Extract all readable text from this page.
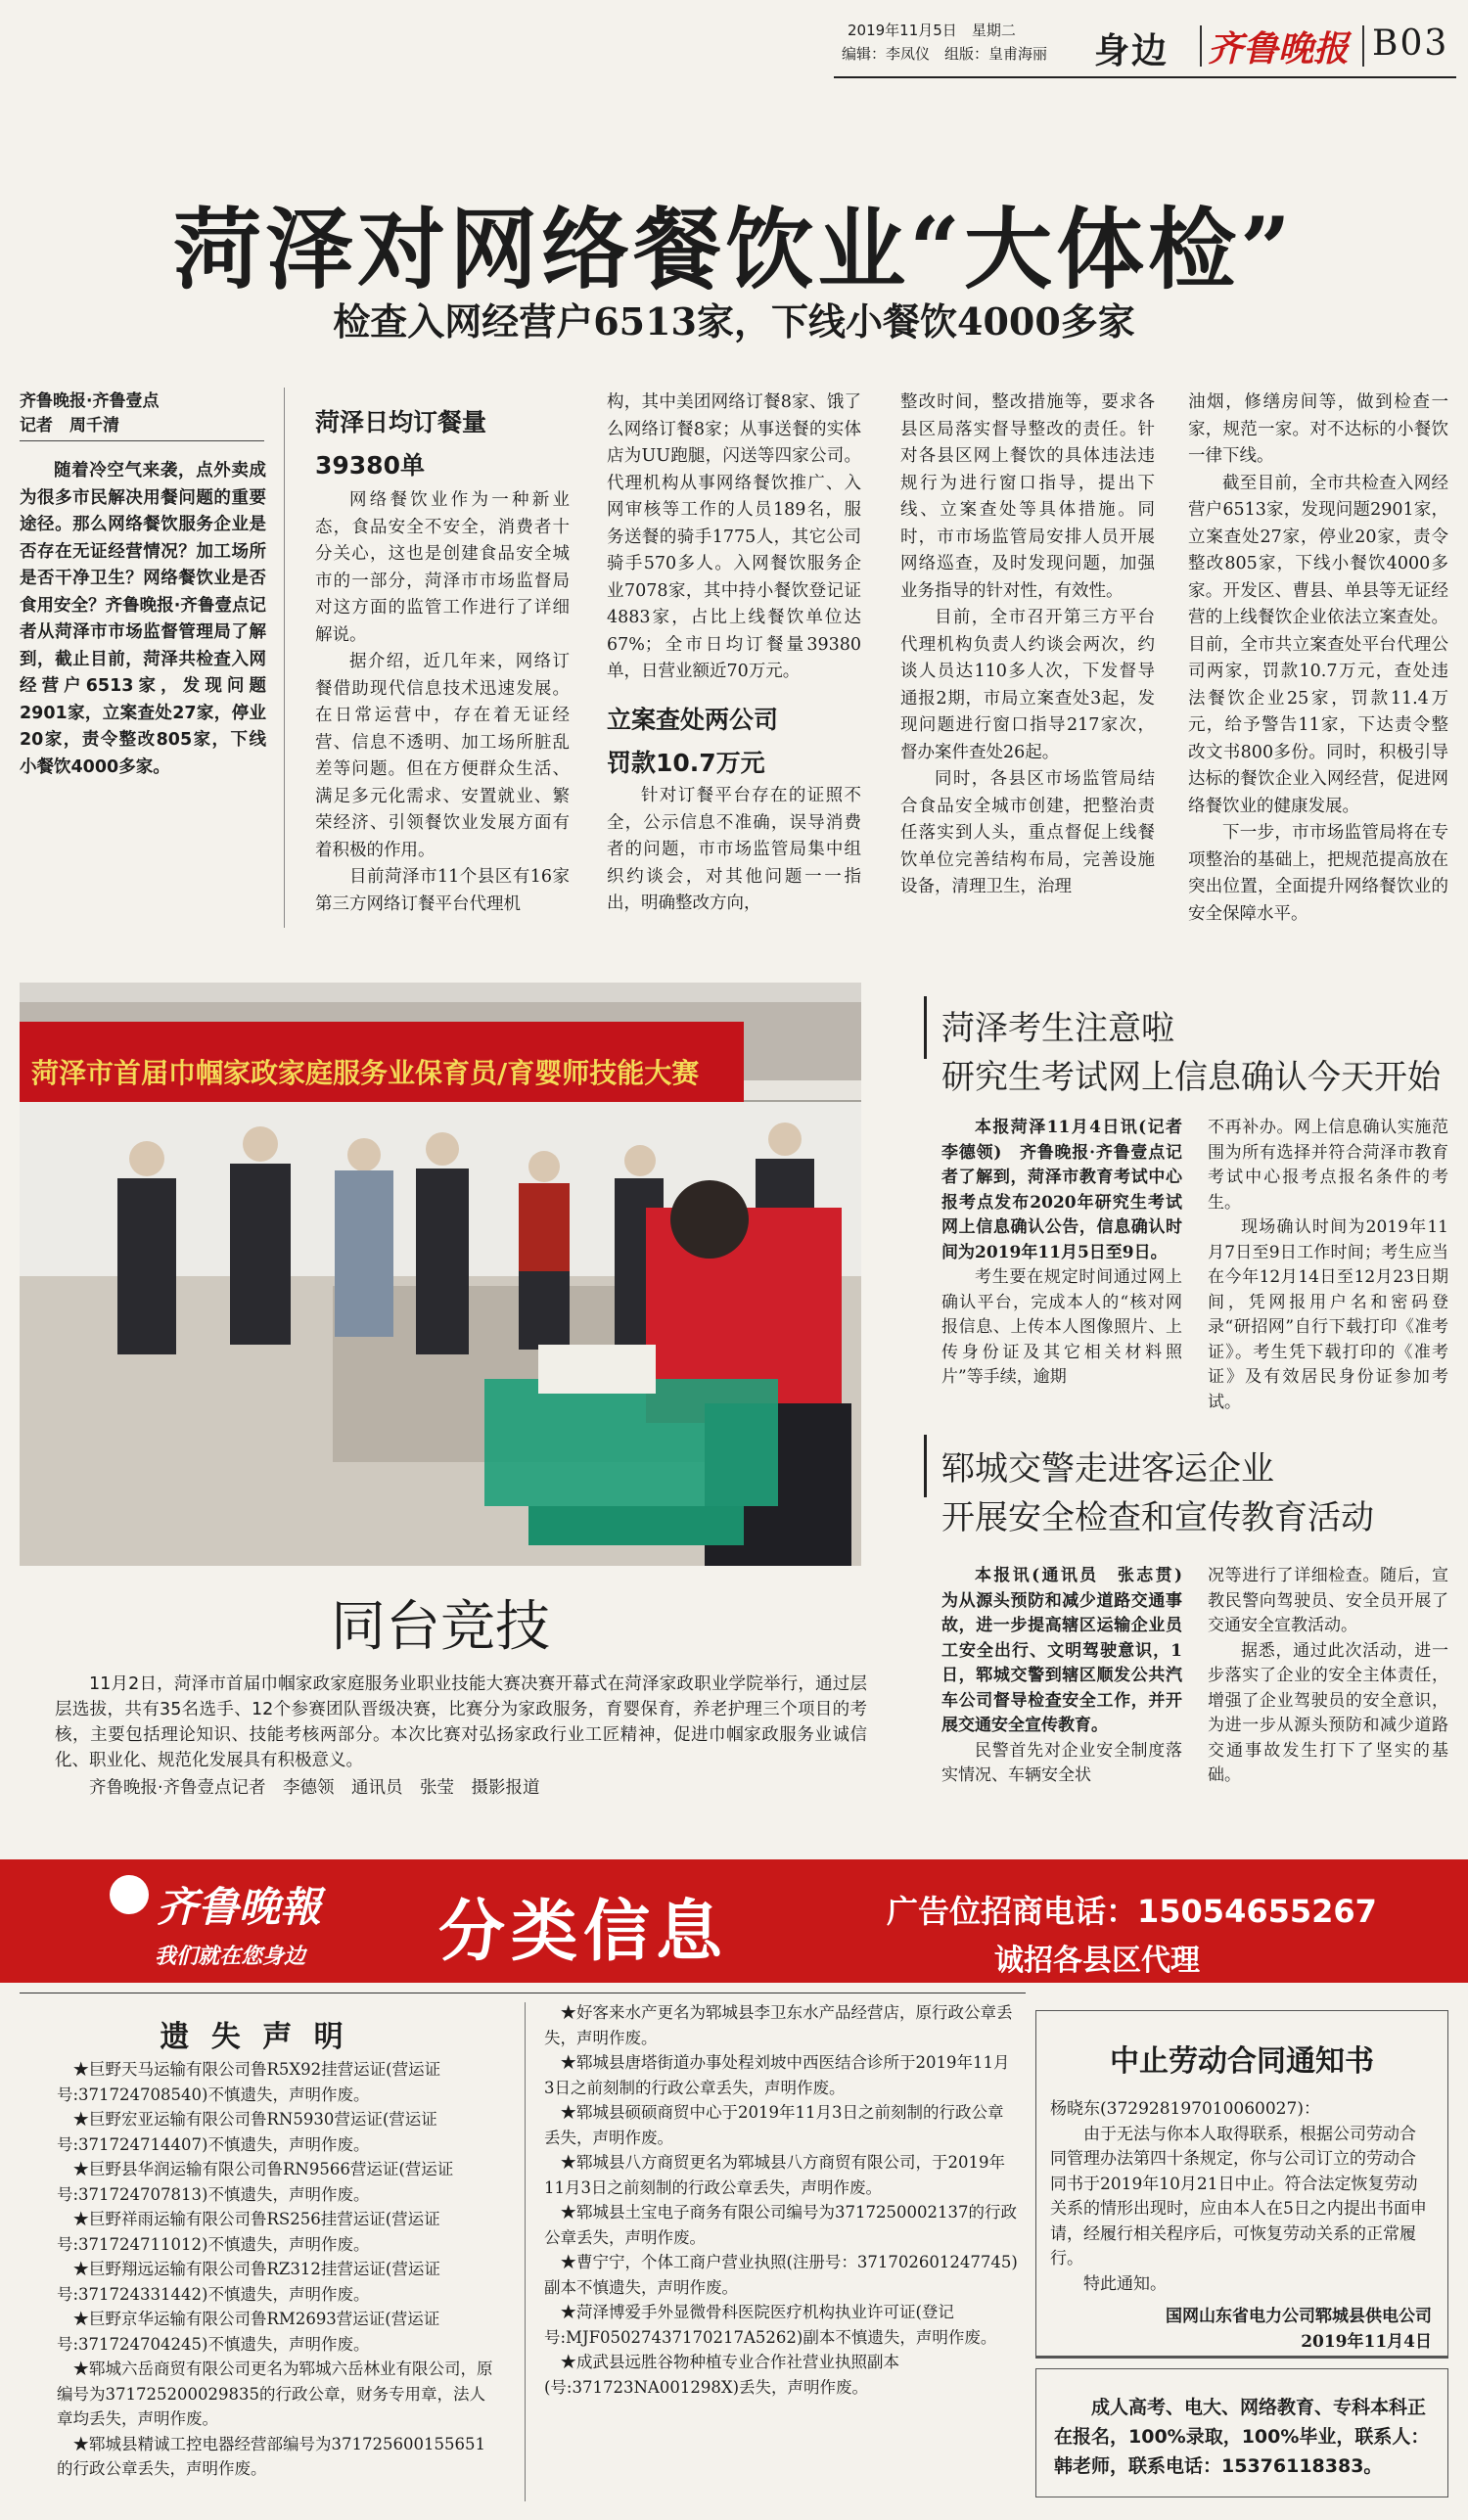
2019年11月5日　 星期二
编辑：李凤仪　 组版：皇甫海丽 身边 齐鲁晚报 B03
菏泽对网络餐饮业“大体检”
检查入网经营户6513家，下线小餐饮4000多家
齐鲁晚报·齐鲁壹点
记者　周千清

随着冷空气来袭，点外卖成为很多市民解决用餐问题的重要途径。那么网络餐饮服务企业是否存在无证经营情况？加工场所是否干净卫生？网络餐饮业是否食用安全？齐鲁晚报·齐鲁壹点记者从菏泽市市场监督管理局了解到，截止目前，菏泽共检查入网经营户6513家，发现问题2901家，立案查处27家，停业20家，责令整改805家，下线小餐饮4000多家。

菏泽日均订餐量
39380单

网络餐饮业作为一种新业态，食品安全不安全，消费者十分关心，这也是创建食品安全城市的一部分，菏泽市市场监督局对这方面的监管工作进行了详细解说。

据介绍，近几年来，网络订餐借助现代信息技术迅速发展。在日常运营中，存在着无证经营、信息不透明、加工场所脏乱差等问题。但在方便群众生活、满足多元化需求、安置就业、繁荣经济、引领餐饮业发展方面有着积极的作用。

目前菏泽市11个县区有16家第三方网络订餐平台代理机

构，其中美团网络订餐8家、饿了么网络订餐8家；从事送餐的实体店为UU跑腿，闪送等四家公司。代理机构从事网络餐饮推广、入网审核等工作的人员189名，服务送餐的骑手1775人，其它公司骑手570多人。入网餐饮服务企业7078家，其中持小餐饮登记证4883家，占比上线餐饮单位达67%；全市日均订餐量39380单，日营业额近70万元。

立案查处两公司
罚款10.7万元

针对订餐平台存在的证照不全，公示信息不准确，误导消费者的问题，市市场监管局集中组织约谈会，对其他问题一一指出，明确整改方向，

整改时间，整改措施等，要求各县区局落实督导整改的责任。针对各县区网上餐饮的具体违法违规行为进行窗口指导，提出下线、立案查处等具体措施。同时，市市场监管局安排人员开展网络巡查，及时发现问题，加强业务指导的针对性，有效性。

目前，全市召开第三方平台代理机构负责人约谈会两次，约谈人员达110多人次，下发督导通报2期，市局立案查处3起，发现问题进行窗口指导217家次，督办案件查处26起。

同时，各县区市场监管局结合食品安全城市创建，把整治责任落实到人头，重点督促上线餐饮单位完善结构布局，完善设施设备，清理卫生，治理

油烟，修缮房间等，做到检查一家，规范一家。对不达标的小餐饮一律下线。

截至目前，全市共检查入网经营户6513家，发现问题2901家，立案查处27家，停业20家，责令整改805家，下线小餐饮4000多家。开发区、曹县、单县等无证经营的上线餐饮企业依法立案查处。目前，全市共立案查处平台代理公司两家，罚款10.7万元，查处违法餐饮企业25家，罚款11.4万元，给予警告11家，下达责令整改文书800多份。同时，积极引导达标的餐饮企业入网经营，促进网络餐饮业的健康发展。

下一步，市市场监管局将在专项整治的基础上，把规范提高放在突出位置，全面提升网络餐饮业的安全保障水平。

菏泽市首届巾帼家政家庭服务业保育员/育婴师技能大赛
同台竞技

11月2日，菏泽市首届巾帼家政家庭服务业职业技能大赛决赛开幕式在菏泽家政职业学院举行，通过层层选拔，共有35名选手、12个参赛团队晋级决赛，比赛分为家政服务，育婴保育，养老护理三个项目的考核，主要包括理论知识、技能考核两部分。本次比赛对弘扬家政行业工匠精神，促进巾帼家政服务业诚信化、职业化、规范化发展具有积极意义。

齐鲁晚报·齐鲁壹点记者　李德领　通讯员　张莹　摄影报道

菏泽考生注意啦
研究生考试网上信息确认今天开始

本报菏泽11月4日讯(记者　李德领)　齐鲁晚报·齐鲁壹点记者了解到，菏泽市教育考试中心报考点发布2020年研究生考试网上信息确认公告，信息确认时间为2019年11月5日至9日。

考生要在规定时间通过网上确认平台，完成本人的“核对网报信息、上传本人图像照片、上传身份证及其它相关材料照片”等手续，逾期

不再补办。网上信息确认实施范围为所有选择并符合菏泽市教育考试中心报考点报名条件的考生。

现场确认时间为2019年11月7日至9日工作时间；考生应当在今年12月14日至12月23日期间，凭网报用户名和密码登录“研招网”自行下载打印《准考证》。考生凭下载打印的《准考证》及有效居民身份证参加考试。

郓城交警走进客运企业
开展安全检查和宣传教育活动

本报讯(通讯员　张志贯)　为从源头预防和减少道路交通事故，进一步提高辖区运输企业员工安全出行、文明驾驶意识，1日，郓城交警到辖区顺发公共汽车公司督导检查安全工作，并开展交通安全宣传教育。

民警首先对企业安全制度落实情况、车辆安全状

况等进行了详细检查。随后，宣教民警向驾驶员、安全员开展了交通安全宣教活动。

据悉，通过此次活动，进一步落实了企业的安全主体责任，增强了企业驾驶员的安全意识，为进一步从源头预防和减少道路交通事故发生打下了坚实的基础。

齐鲁晚報
我们就在您身边 分类信息	广告位招商电话：15054655267
诚招各县区代理
遗 失 声 明

★巨野天马运输有限公司鲁R5X92挂营运证(营运证号:371724708540)不慎遗失，声明作废。

★巨野宏亚运输有限公司鲁RN5930营运证(营运证号:371724714407)不慎遗失，声明作废。

★巨野县华润运输有限公司鲁RN9566营运证(营运证号:371724707813)不慎遗失，声明作废。

★巨野祥雨运输有限公司鲁RS256挂营运证(营运证号:371724711012)不慎遗失，声明作废。

★巨野翔远运输有限公司鲁RZ312挂营运证(营运证号:371724331442)不慎遗失，声明作废。

★巨野京华运输有限公司鲁RM2693营运证(营运证号:371724704245)不慎遗失，声明作废。

★郓城六岳商贸有限公司更名为郓城六岳林业有限公司，原编号为3717252000298​35的行政公章，财务专用章，法人章均丢失，声明作废。

★郓城县精诚工控电器经营部编号为371725600155651的行政公章丢失，声明作废。

★好客来水产更名为郓城县李卫东水产品经营店，原行政公章丢失，声明作废。

★郓城县唐塔街道办事处程刘坡中西医结合诊所于2019年11月3日之前刻制的行政公章丢失，声明作废。

★郓城县硕硕商贸中心于2019年11月3日之前刻制的行政公章丢失，声明作废。

★郓城县八方商贸更名为郓城县八方商贸有限公司，于2019年11月3日之前刻制的行政公章丢失，声明作废。

★郓城县土宝电子商务有限公司编号为371725000213​7的行政公章丢失，声明作废。

★曹宁宁，个体工商户营业执照(注册号：371702601247745)副本不慎遗失，声明作废。

★菏泽博爱手外显微骨科医院医疗机构执业许可证(登记号:MJF05027437170217A5262)副本不慎遗失，声明作废。

★成武县远胜谷物种植专业合作社营业执照副本(号:371723NA001298X)丢失，声明作废。

中止劳动合同通知书
杨晓东(372928197010060027)：

由于无法与你本人取得联系，根据公司劳动合同管理办法第四十条规定，你与公司订立的劳动合同书于2019年10月21日中止。符合法定恢复劳动关系的情形出现时，应由本人在5日之内提出书面申请，经履行相关程序后，可恢复劳动关系的正常履行。

特此通知。

国网山东省电力公司郓城县供电公司
2019年11月4日

成人高考、电大、网络教育、专科本科正在报名，100%录取，100%毕业，联系人：韩老师，联系电话：15376118383。
